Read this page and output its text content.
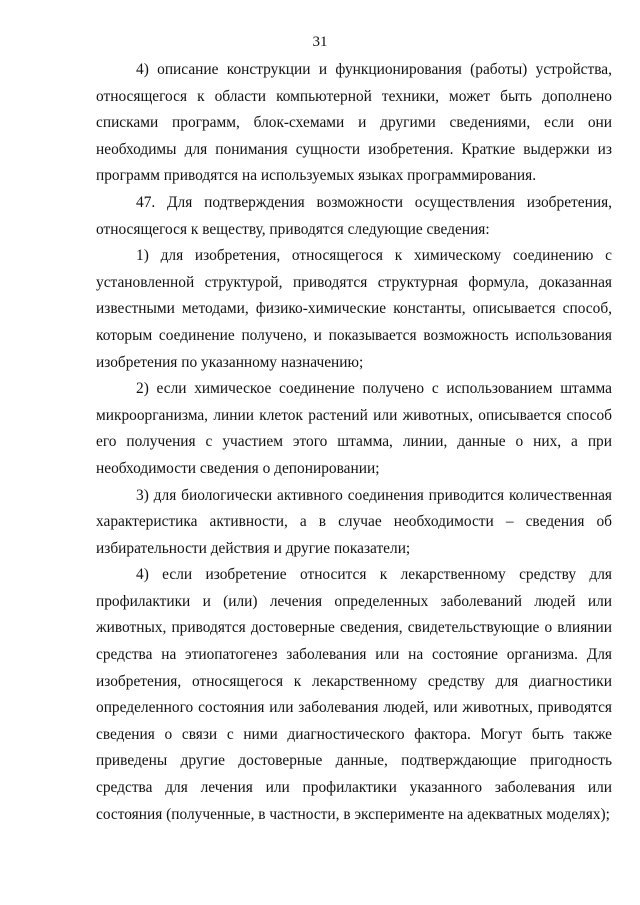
31

4) описание конструкции и функционирования (работы) устройства, относящегося к области компьютерной техники, может быть дополнено списками программ, блок-схемами и другими сведениями, если они необходимы для понимания сущности изобретения. Краткие выдержки из программ приводятся на используемых языках программирования.

47. Для подтверждения возможности осуществления изобретения, относящегося к веществу, приводятся следующие сведения:

1) для изобретения, относящегося к химическому соединению с установленной структурой, приводятся структурная формула, доказанная известными методами, физико-химические константы, описывается способ, которым соединение получено, и показывается возможность использования изобретения по указанному назначению;

2) если химическое соединение получено с использованием штамма микроорганизма, линии клеток растений или животных, описывается способ его получения с участием этого штамма, линии, данные о них, а при необходимости сведения о депонировании;

3) для биологически активного соединения приводится количественная характеристика активности, а в случае необходимости – сведения об избирательности действия и другие показатели;

4) если изобретение относится к лекарственному средству для профилактики и (или) лечения определенных заболеваний людей или животных, приводятся достоверные сведения, свидетельствующие о влиянии средства на этиопатогенез заболевания или на состояние организма. Для изобретения, относящегося к лекарственному средству для диагностики определенного состояния или заболевания людей, или животных, приводятся сведения о связи с ними диагностического фактора. Могут быть также приведены другие достоверные данные, подтверждающие пригодность средства для лечения или профилактики указанного заболевания или состояния (полученные, в частности, в эксперименте на адекватных моделях);
